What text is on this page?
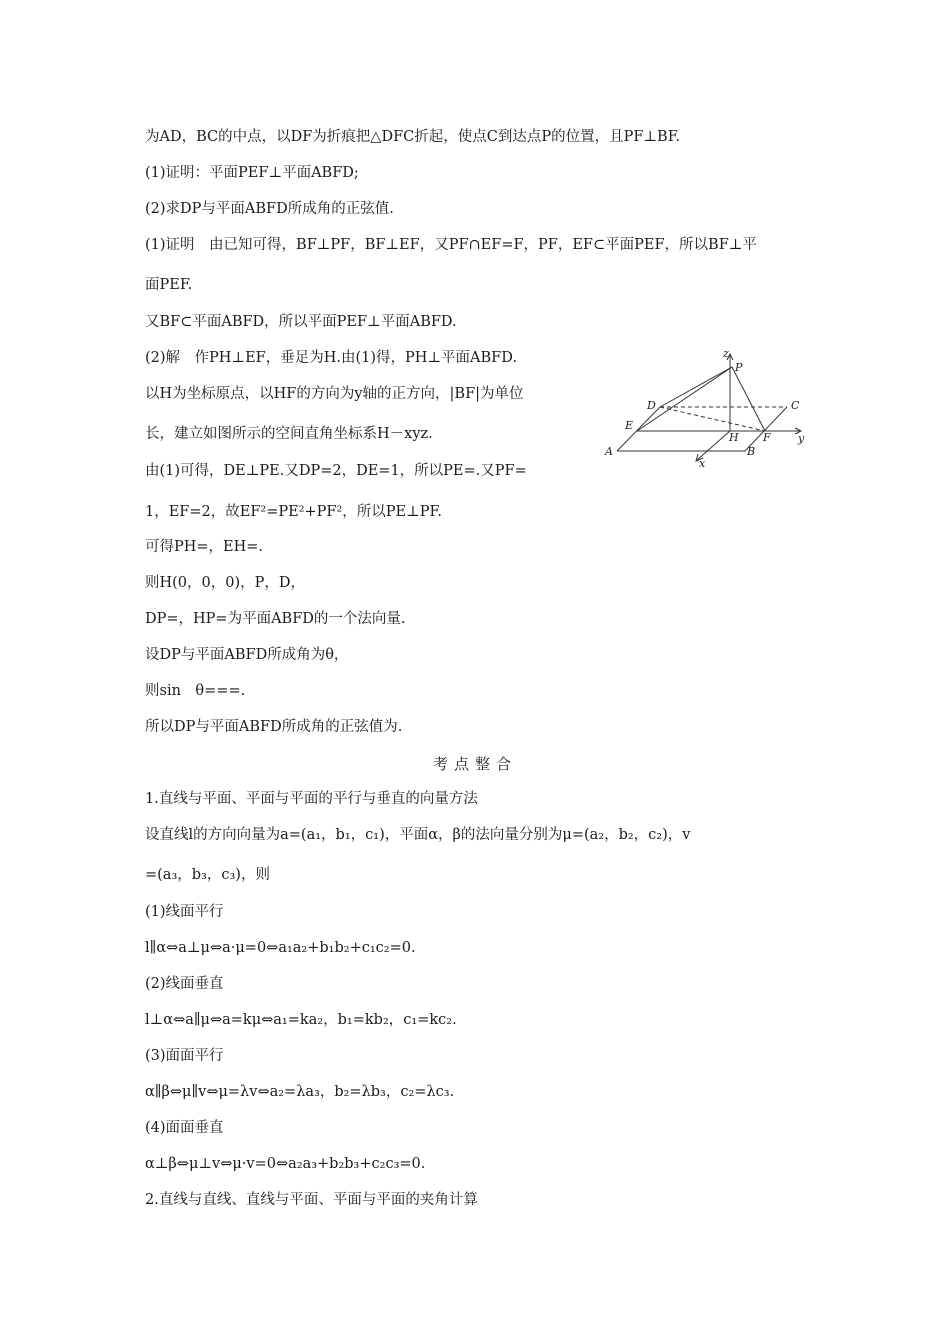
为AD，BC的中点，以DF为折痕把△DFC折起，使点C到达点P的位置，且PF⊥BF.
(1)证明：平面PEF⊥平面ABFD;
(2)求DP与平面ABFD所成角的正弦值.
(1)证明　由已知可得，BF⊥PF，BF⊥EF，又PF∩EF=F，PF，EF⊂平面PEF，所以BF⊥平
面PEF.
又BF⊂平面ABFD，所以平面PEF⊥平面ABFD.
(2)解　作PH⊥EF，垂足为H.由(1)得，PH⊥平面ABFD.
以H为坐标原点，以HF的方向为y轴的正方向，|BF|为单位
长，建立如图所示的空间直角坐标系H－xyz.
由(1)可得，DE⊥PE.又DP=2，DE=1，所以PE=.又PF=
1，EF=2，故EF²=PE²+PF²，所以PE⊥PF.
可得PH=，EH=.
则H(0，0，0)，P，D，
DP=，HP=为平面ABFD的一个法向量.
设DP与平面ABFD所成角为θ，
则sin　θ===.
所以DP与平面ABFD所成角的正弦值为.
考点整合
1.直线与平面、平面与平面的平行与垂直的向量方法
设直线l的方向向量为a=(a₁，b₁，c₁)，平面α，β的法向量分别为μ=(a₂，b₂，c₂)，v
=(a₃，b₃，c₃)，则
(1)线面平行
l∥α⇔a⊥μ⇔a·μ=0⇔a₁a₂+b₁b₂+c₁c₂=0.
(2)线面垂直
l⊥α⇔a∥μ⇔a=kμ⇔a₁=ka₂，b₁=kb₂，c₁=kc₂.
(3)面面平行
α∥β⇔μ∥v⇔μ=λv⇔a₂=λa₃，b₂=λb₃，c₂=λc₃.
(4)面面垂直
α⊥β⇔μ⊥v⇔μ·v=0⇔a₂a₃+b₂b₃+c₂c₃=0.
2.直线与直线、直线与平面、平面与平面的夹角计算
z
P
D	C
E
H F y
A	B
x
